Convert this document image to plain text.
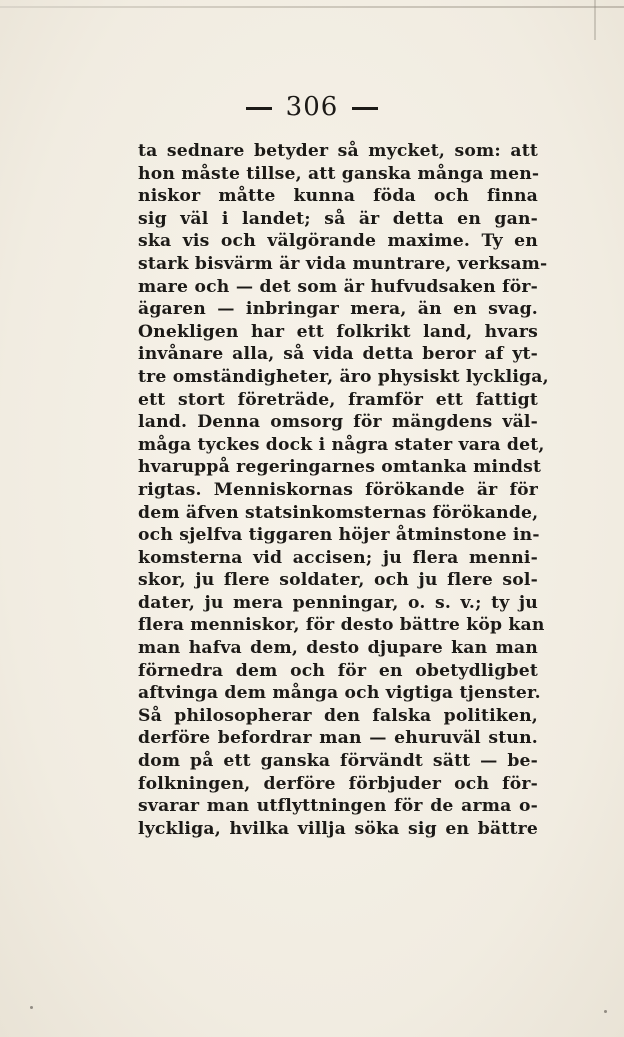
306
ta sednare betyder så mycket, som: att
hon måste tillse, att ganska många men-
niskor måtte kunna föda och finna
sig väl i landet; så är detta en gan-
ska vis och välgörande maxime. Ty en
stark bisvärm är vida muntrare, verksam-
mare och — det som är hufvudsaken för-
ägaren — inbringar mera, än en svag.
Onekligen har ett folkrikt land, hvars
invånare alla, så vida detta beror af yt-
tre omständigheter, äro physiskt lyckliga,
ett stort företräde, framför ett fattigt
land. Denna omsorg för mängdens väl-
måga tyckes dock i några stater vara det,
hvaruppå regeringarnes omtanka mindst
rigtas. Menniskornas förökande är för
dem äfven statsinkomsternas förökande,
och sjelfva tiggaren höjer åtminstone in-
komsterna vid accisen; ju flera menni-
skor, ju flere soldater, och ju flere sol-
dater, ju mera penningar, o. s. v.; ty ju
flera menniskor, för desto bättre köp kan
man hafva dem, desto djupare kan man
förnedra dem och för en obetydligbet
aftvinga dem många och vigtiga tjenster.
Så philosopherar den falska politiken,
derföre befordrar man — ehuruväl stun.
dom på ett ganska förvändt sätt — be-
folkningen, derföre förbjuder och för-
svarar man utflyttningen för de arma o-
lyckliga, hvilka villja söka sig en bättre
